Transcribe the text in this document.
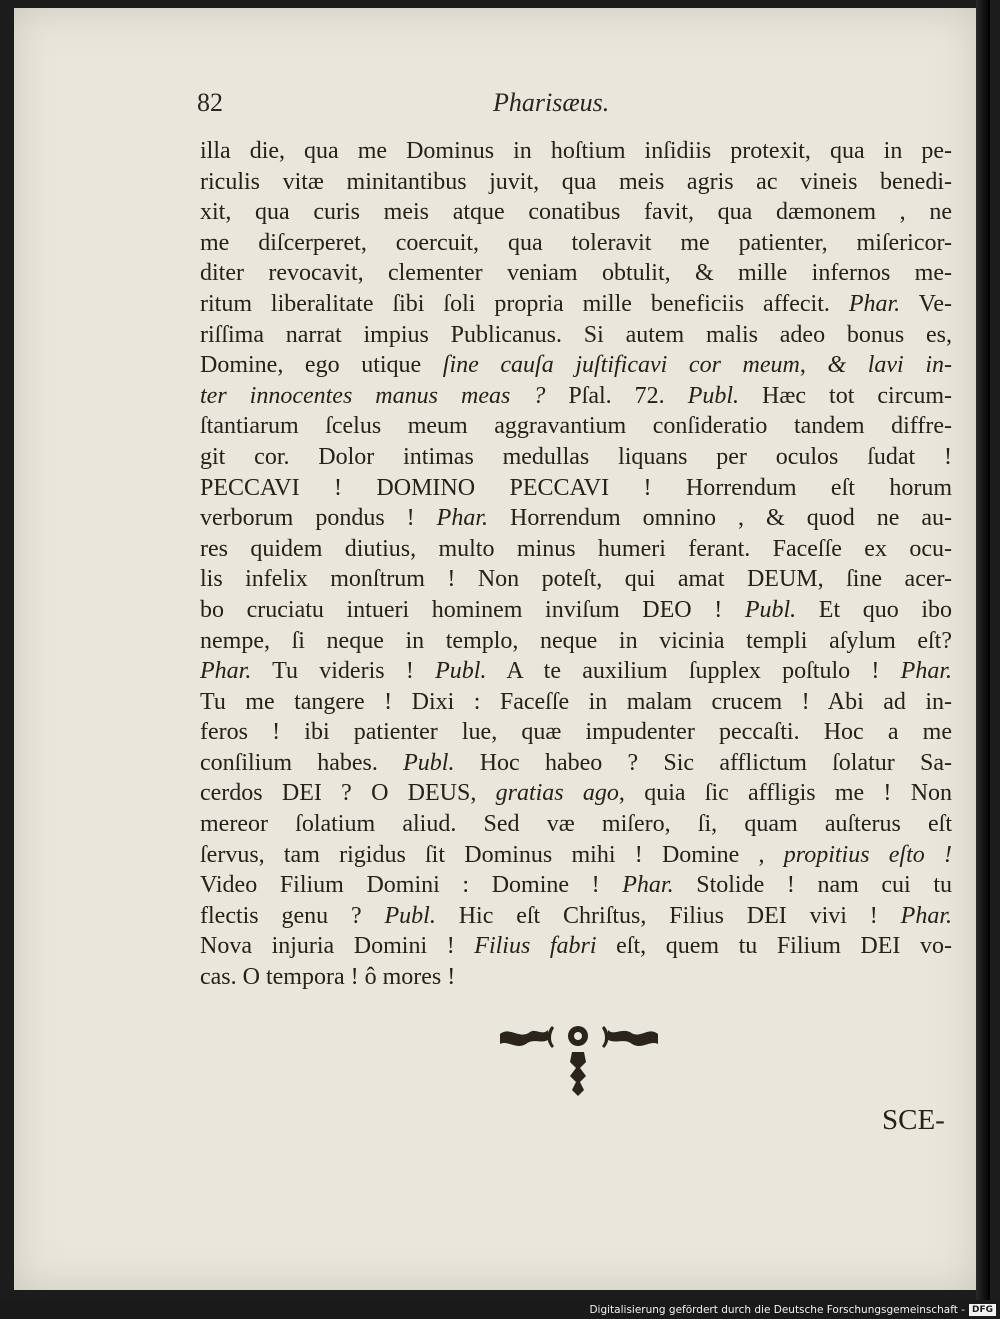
82	Pharisæus.
illa die, qua me Dominus in hoſtium inſidiis protexit, qua in pe-
riculis vitæ minitantibus juvit, qua meis agris ac vineis benedi-
xit, qua curis meis atque conatibus favit, qua dæmonem , ne
me diſcerperet, coercuit, qua toleravit me patienter, miſericor-
diter revocavit, clementer veniam obtulit, & mille infernos me-
ritum liberalitate ſibi ſoli propria mille beneficiis affecit. Phar. Ve-
riſſima narrat impius Publicanus. Si autem malis adeo bonus es,
Domine, ego utique ſine cauſa juſtificavi cor meum, & lavi in-
ter innocentes manus meas ? Pſal. 72. Publ. Hæc tot circum-
ſtantiarum ſcelus meum aggravantium conſideratio tandem diffre-
git cor. Dolor intimas medullas liquans per oculos ſudat !
PECCAVI ! DOMINO PECCAVI ! Horrendum eſt horum
verborum pondus ! Phar. Horrendum omnino , & quod ne au-
res quidem diutius, multo minus humeri ferant. Faceſſe ex ocu-
lis infelix monſtrum ! Non poteſt, qui amat DEUM, ſine acer-
bo cruciatu intueri hominem inviſum DEO ! Publ. Et quo ibo
nempe, ſi neque in templo, neque in vicinia templi aſylum eſt?
Phar. Tu videris ! Publ. A te auxilium ſupplex poſtulo ! Phar.
Tu me tangere ! Dixi : Faceſſe in malam crucem ! Abi ad in-
feros ! ibi patienter lue, quæ impudenter peccaſti. Hoc a me
conſilium habes. Publ. Hoc habeo ? Sic afflictum ſolatur Sa-
cerdos DEI ? O DEUS, gratias ago, quia ſic affligis me ! Non
mereor ſolatium aliud. Sed væ miſero, ſi, quam auſterus eſt
ſervus, tam rigidus ſit Dominus mihi ! Domine , propitius eſto !
Video Filium Domini : Domine ! Phar. Stolide ! nam cui tu
flectis genu ? Publ. Hic eſt Chriſtus, Filius DEI vivi ! Phar.
Nova injuria Domini ! Filius fabri eſt, quem tu Filium DEI vo-
cas. O tempora ! ô mores !
SCE-
Digitalisierung gefördert durch die Deutsche Forschungsgemeinschaft - DFG
